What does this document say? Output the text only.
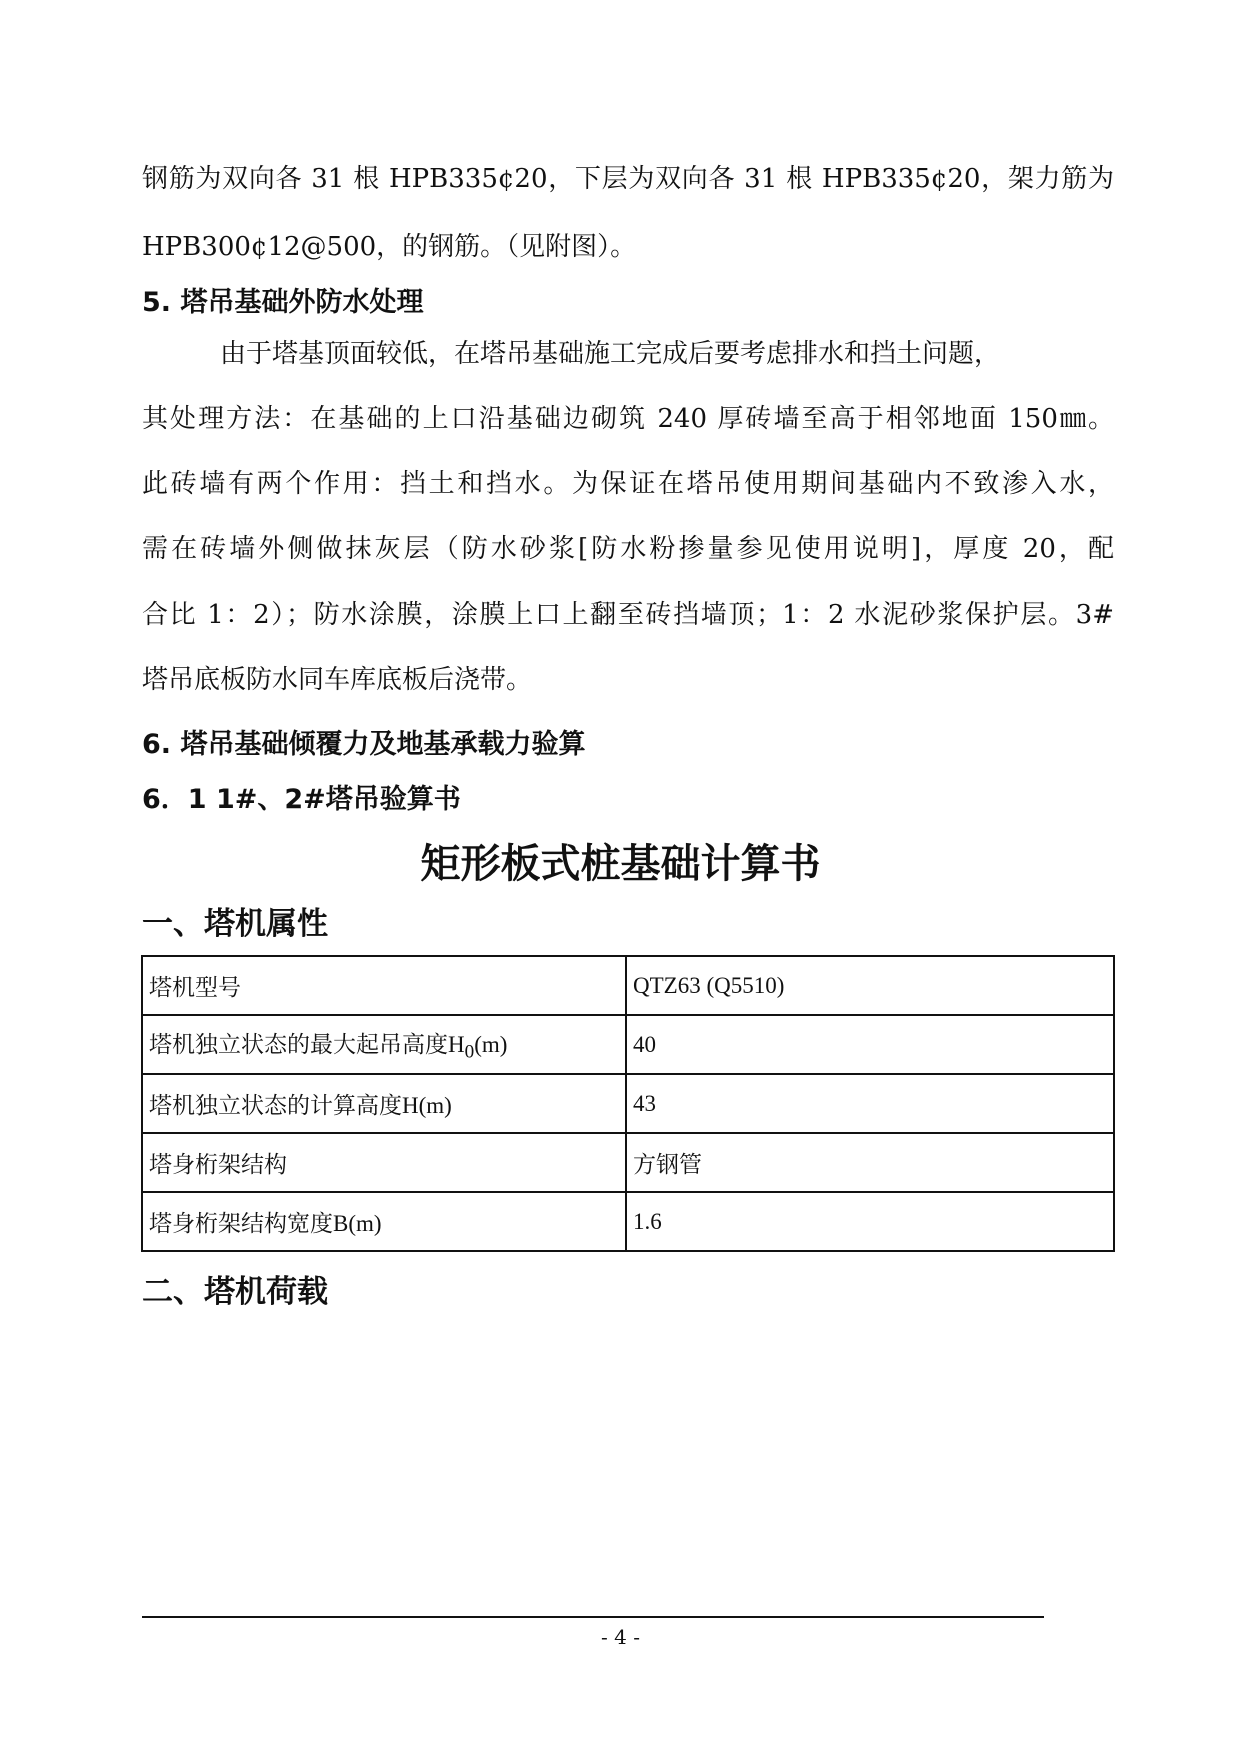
钢筋为双向各 31 根 HPB335¢20，下层为双向各 31 根 HPB335¢20，架力筋为
HPB300¢12@500，的钢筋。（见附图）。
5. 塔吊基础外防水处理
由于塔基顶面较低，在塔吊基础施工完成后要考虑排水和挡土问题，
其处理方法：在基础的上口沿基础边砌筑 240 厚砖墙至高于相邻地面 150㎜。
此砖墙有两个作用：挡土和挡水。为保证在塔吊使用期间基础内不致渗入水，
需在砖墙外侧做抹灰层（防水砂浆[防水粉掺量参见使用说明]，厚度 20，配
合比 1：2）；防水涂膜，涂膜上口上翻至砖挡墙顶；1：2 水泥砂浆保护层。3#
塔吊底板防水同车库底板后浇带。
6. 塔吊基础倾覆力及地基承载力验算
6．1 1#、2#塔吊验算书
矩形板式桩基础计算书
一、塔机属性
塔机型号	QTZ63 (Q5510)
塔机独立状态的最大起吊高度$H_0(m)$	40
塔机独立状态的计算高度H(m)	43
塔身桁架结构	方钢管
塔身桁架结构宽度B(m)	1.6
二、塔机荷载
- 4 -
